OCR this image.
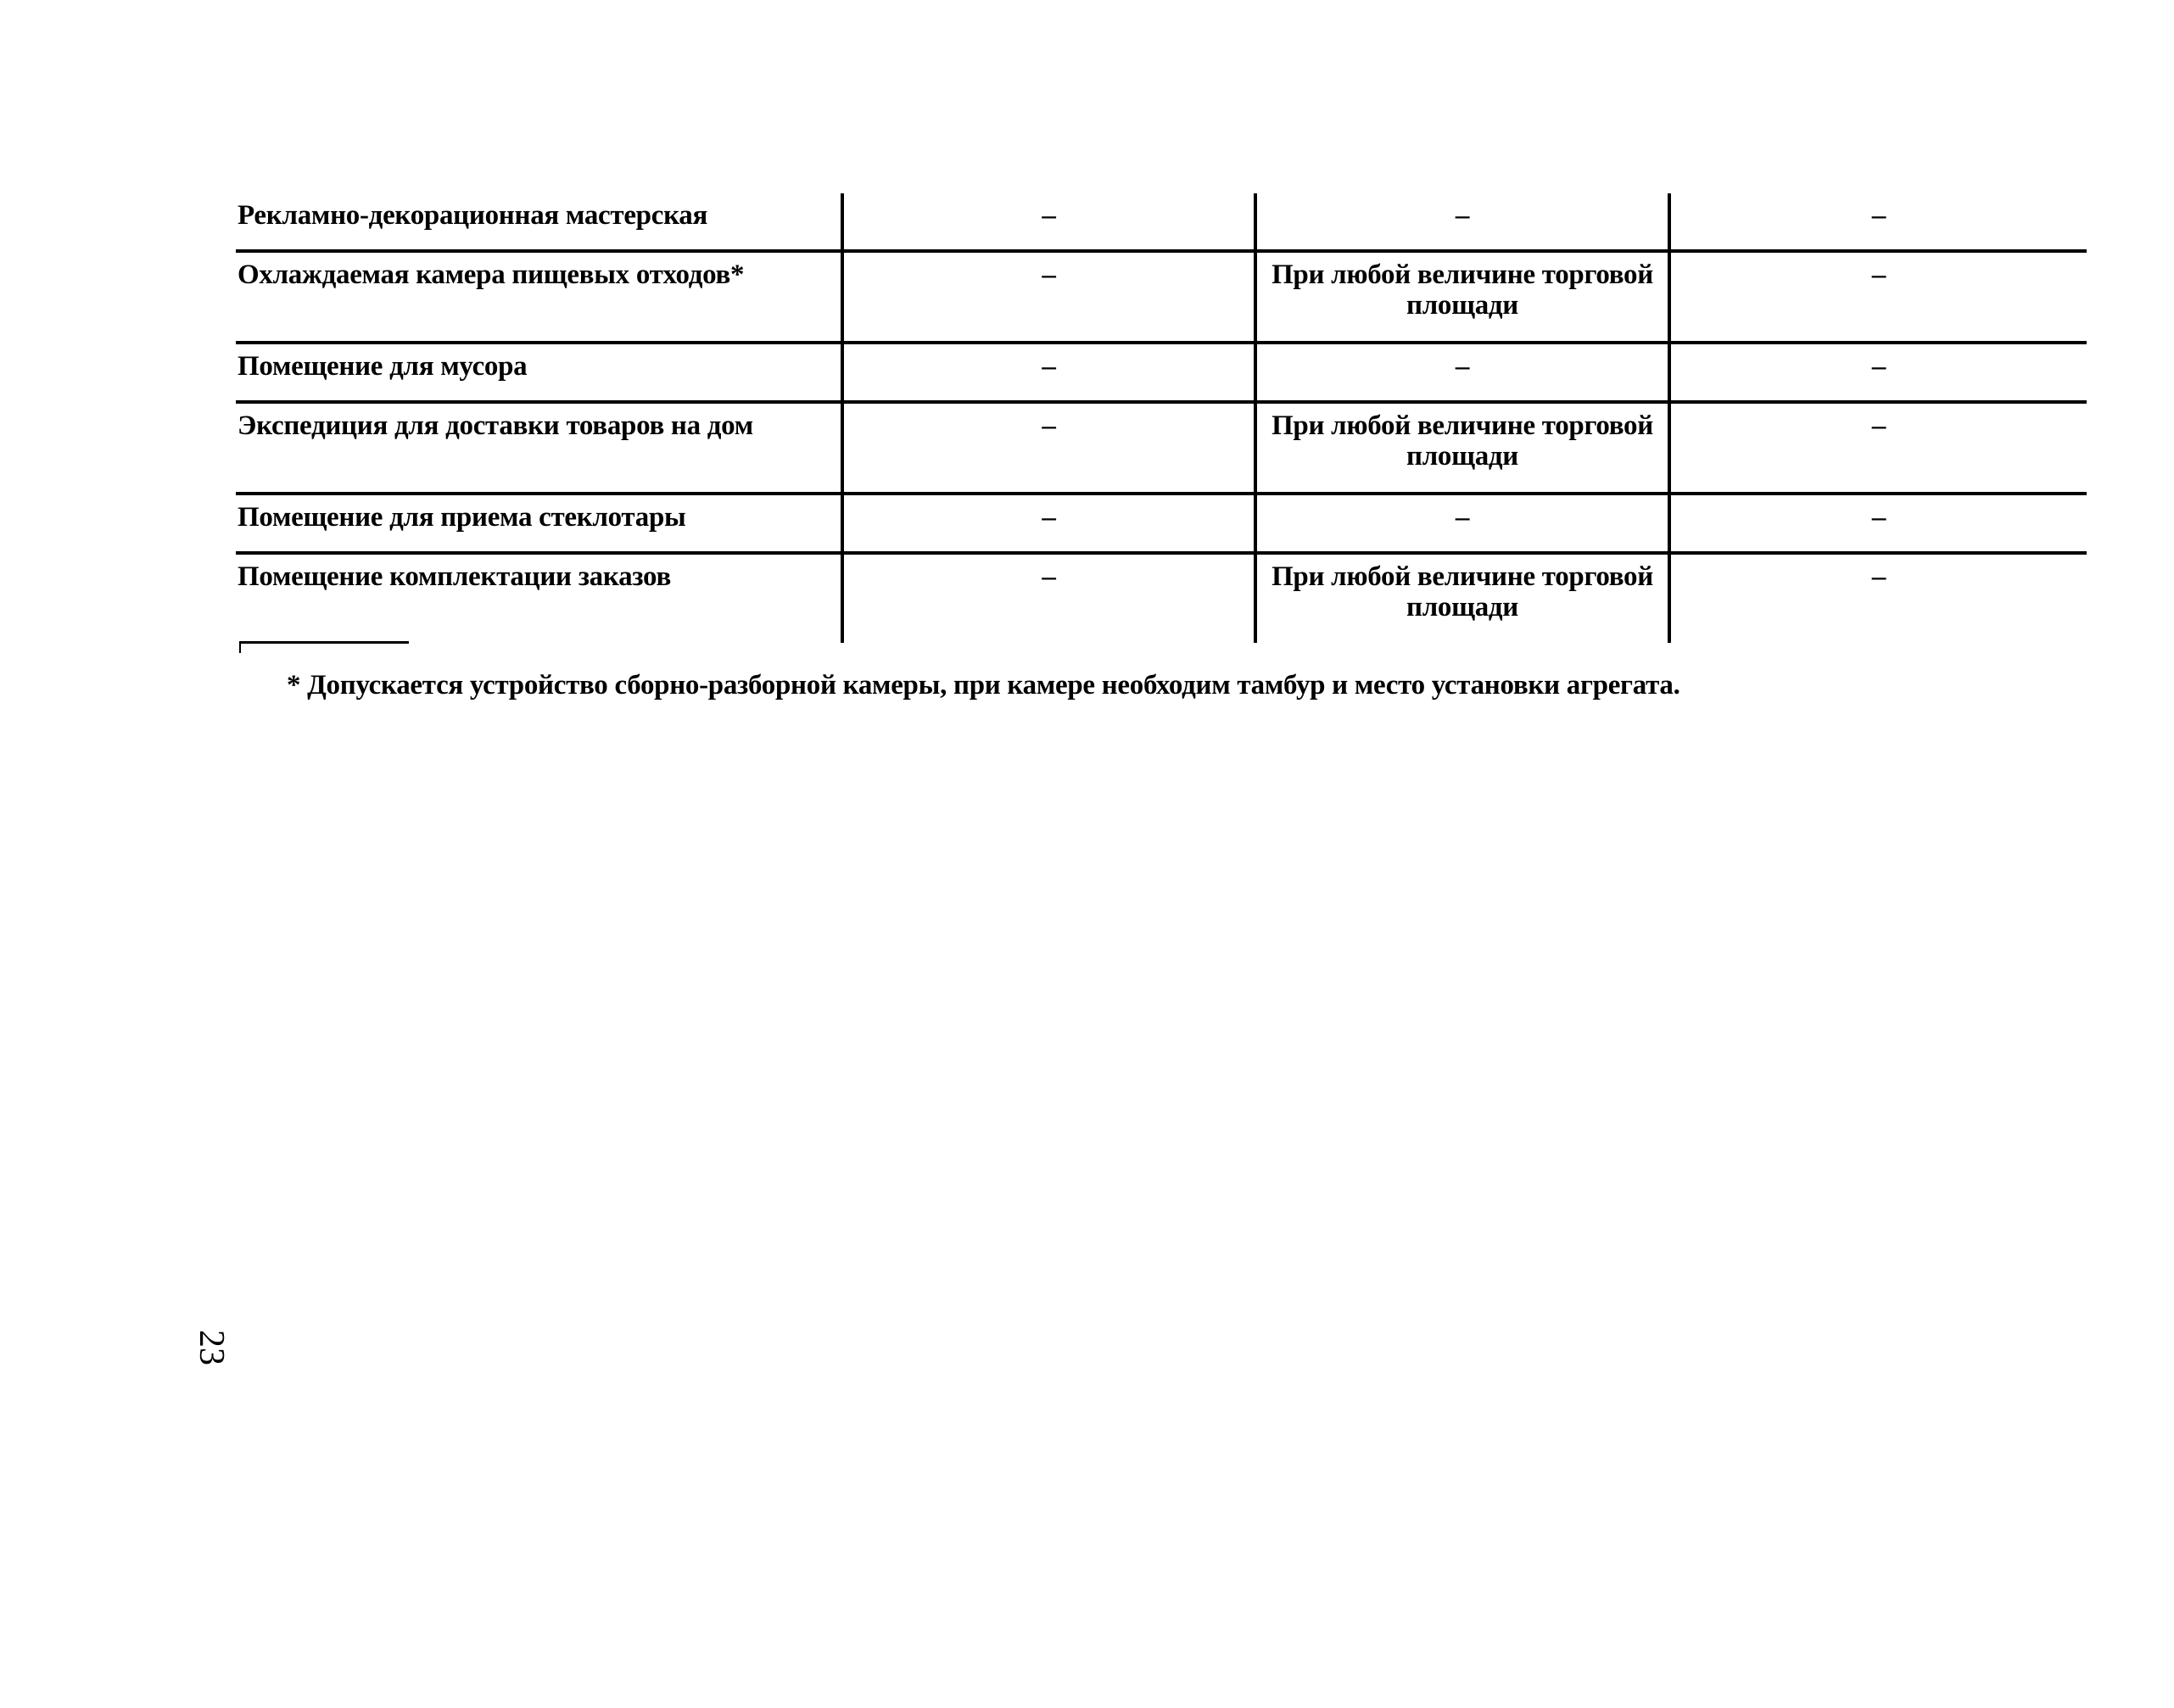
Рекламно-декорационная мастерская	–	–	–
Охлаждаемая камера пищевых отходов*	–	При любой величине торговой площади	–
Помещение для мусора	–	–	–
Экспедиция для доставки товаров на дом	–	При любой величине торговой площади	–
Помещение для приема стеклотары	–	–	–
Помещение комплектации заказов	–	При любой величине торговой площади	–
* Допускается устройство сборно-разборной камеры, при камере необходим тамбур и место установки агрегата.
23
